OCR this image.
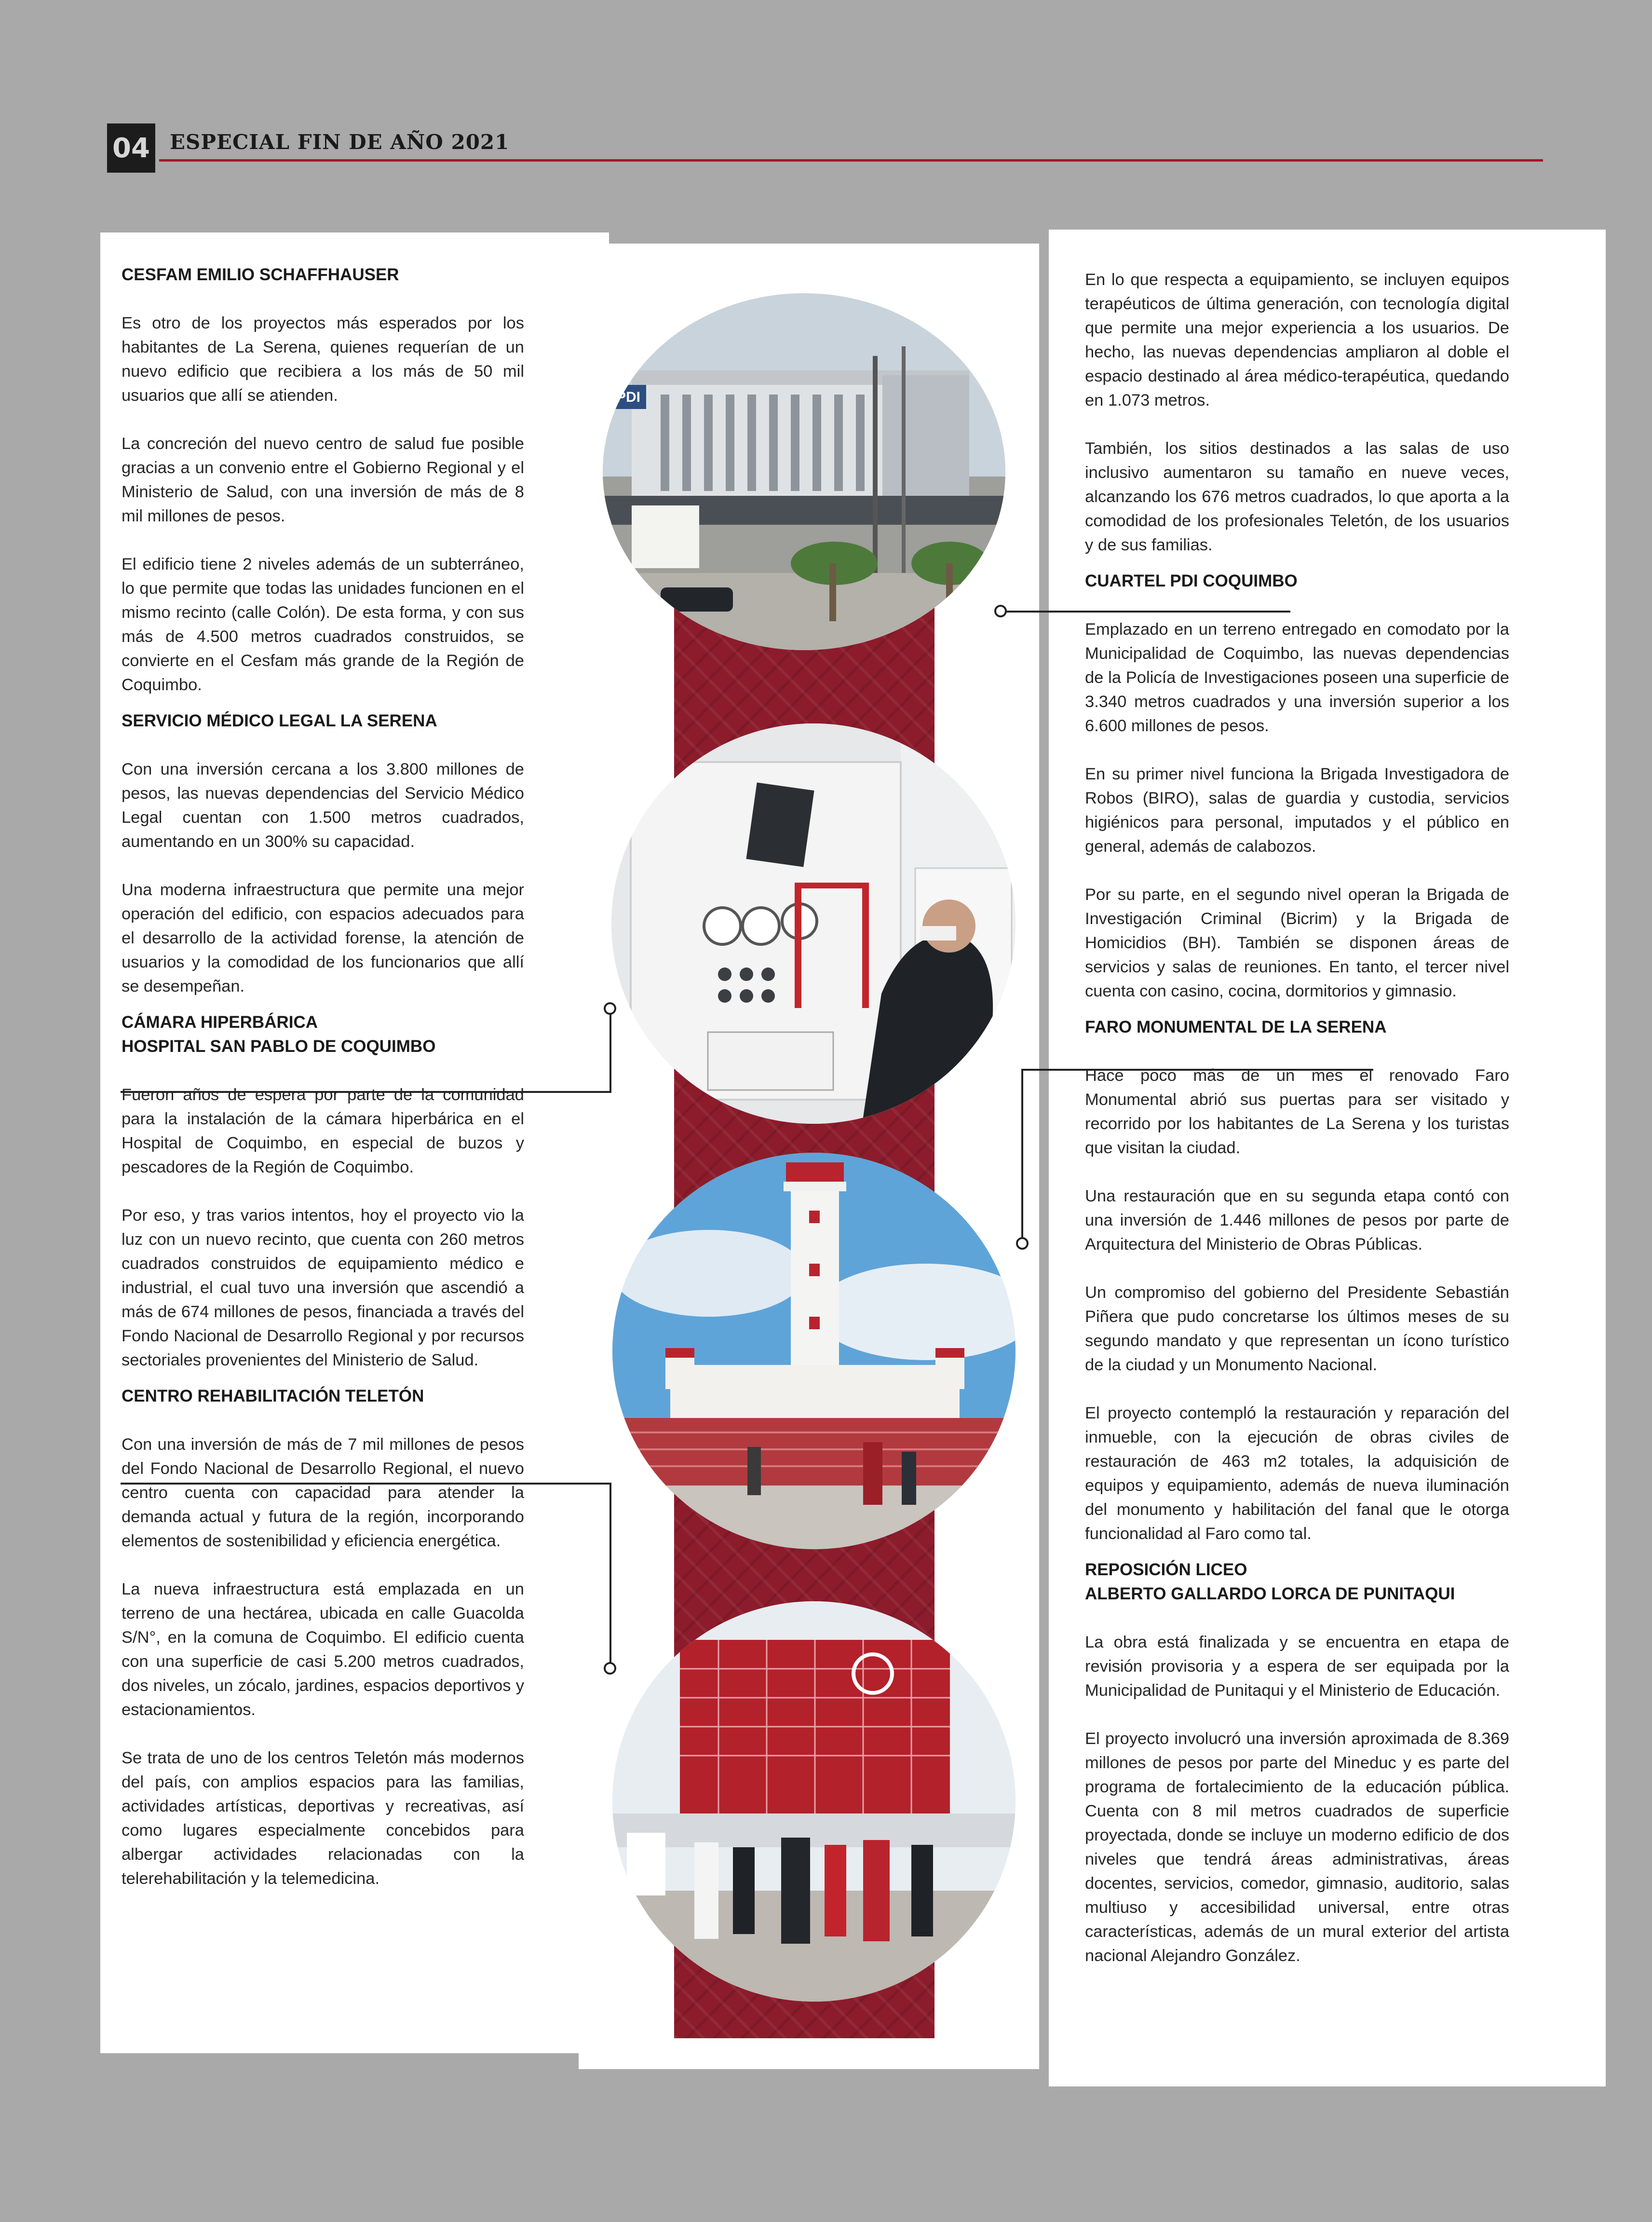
04 ESPECIAL FIN DE AÑO 2021
PDI
CESFAM EMILIO SCHAFFHAUSER

Es otro de los proyectos más esperados por los habitantes de La Serena, quienes requerían de un nuevo edificio que recibiera a los más de 50 mil usuarios que allí se atienden.

La concreción del nuevo centro de salud fue posible gracias a un convenio entre el Gobierno Regional y el Ministerio de Salud, con una inversión de más de 8 mil millones de pesos.

El edificio tiene 2 niveles además de un subterráneo, lo que permite que todas las unidades funcionen en el mismo recinto (calle Colón). De esta forma, y con sus más de 4.500 metros cuadrados construidos, se convierte en el Cesfam más grande de la Región de Coquimbo.

SERVICIO MÉDICO LEGAL LA SERENA

Con una inversión cercana a los 3.800 millones de pesos, las nuevas dependencias del Servicio Médico Legal cuentan con 1.500 metros cuadrados, aumentando en un 300% su capacidad.

Una moderna infraestructura que permite una mejor operación del edificio, con espacios adecuados para el desarrollo de la actividad forense, la atención de usuarios y la comodidad de los funcionarios que allí se desempeñan.

CÁMARA HIPERBÁRICA
HOSPITAL SAN PABLO DE COQUIMBO

Fueron años de espera por parte de la comunidad para la instalación de la cámara hiperbárica en el Hospital de Coquimbo, en especial de buzos y pescadores de la Región de Coquimbo.

Por eso, y tras varios intentos, hoy el proyecto vio la luz con un nuevo recinto, que cuenta con 260 metros cuadrados construidos de equipamiento médico e industrial, el cual tuvo una inversión que ascendió a más de 674 millones de pesos, financiada a través del Fondo Nacional de Desarrollo Regional y por recursos sectoriales provenientes del Ministerio de Salud.

CENTRO REHABILITACIÓN TELETÓN

Con una inversión de más de 7 mil millones de pesos del Fondo Nacional de Desarrollo Regional, el nuevo centro cuenta con capacidad para atender la demanda actual y futura de la región, incorporando elementos de sostenibilidad y eficiencia energética.

La nueva infraestructura está emplazada en un terreno de una hectárea, ubicada en calle Guacolda S/N°, en la comuna de Coquimbo. El edificio cuenta con una superficie de casi 5.200 metros cuadrados, dos niveles, un zócalo, jardines, espacios deportivos y estacionamientos.

Se trata de uno de los centros Teletón más modernos del país, con amplios espacios para las familias, actividades artísticas, deportivas y recreativas, así como lugares especialmente concebidos para albergar actividades relacionadas con la telerehabilitación y la telemedicina.

En lo que respecta a equipamiento, se incluyen equipos terapéuticos de última generación, con tecnología digital que permite una mejor experiencia a los usuarios. De hecho, las nuevas dependencias ampliaron al doble el espacio destinado al área médico-terapéutica, quedando en 1.073 metros.

También, los sitios destinados a las salas de uso inclusivo aumentaron su tamaño en nueve veces, alcanzando los 676 metros cuadrados, lo que aporta a la comodidad de los profesionales Teletón, de los usuarios y de sus familias.

CUARTEL PDI COQUIMBO

Emplazado en un terreno entregado en comodato por la Municipalidad de Coquimbo, las nuevas dependencias de la Policía de Investigaciones poseen una superficie de 3.340 metros cuadrados y una inversión superior a los 6.600 millones de pesos.

En su primer nivel funciona la Brigada Investigadora de Robos (BIRO), salas de guardia y custodia, servicios higiénicos para personal, imputados y el público en general, además de calabozos.

Por su parte, en el segundo nivel operan la Brigada de Investigación Criminal (Bicrim) y la Brigada de Homicidios (BH). También se disponen áreas de servicios y salas de reuniones. En tanto, el tercer nivel cuenta con casino, cocina, dormitorios y gimnasio.

FARO MONUMENTAL DE LA SERENA

Hace poco más de un mes el renovado Faro Monumental abrió sus puertas para ser visitado y recorrido por los habitantes de La Serena y los turistas que visitan la ciudad.

Una restauración que en su segunda etapa contó con una inversión de 1.446 millones de pesos por parte de Arquitectura del Ministerio de Obras Públicas.

Un compromiso del gobierno del Presidente Sebastián Piñera que pudo concretarse los últimos meses de su segundo mandato y que representan un ícono turístico de la ciudad y un Monumento Nacional.

El proyecto contempló la restauración y reparación del inmueble, con la ejecución de obras civiles de restauración de 463 m2 totales, la adquisición de equipos y equipamiento, además de nueva iluminación del monumento y habilitación del fanal que le otorga funcionalidad al Faro como tal.

REPOSICIÓN LICEO
ALBERTO GALLARDO LORCA DE PUNITAQUI

La obra está finalizada y se encuentra en etapa de revisión provisoria y a espera de ser equipada por la Municipalidad de Punitaqui y el Ministerio de Educación.

El proyecto involucró una inversión aproximada de 8.369 millones de pesos por parte del Mineduc y es parte del programa de fortalecimiento de la educación pública. Cuenta con 8 mil metros cuadrados de superficie proyectada, donde se incluye un moderno edificio de dos niveles que tendrá áreas administrativas, áreas docentes, servicios, comedor, gimnasio, auditorio, salas multiuso y accesibilidad universal, entre otras características, además de un mural exterior del artista nacional Alejandro González.
